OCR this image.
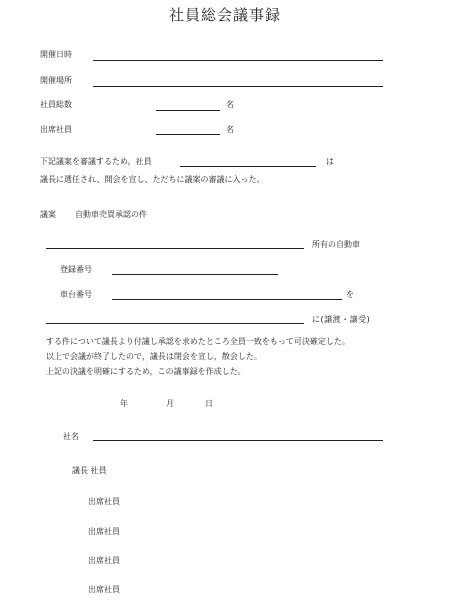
社員総会議事録
開催日時
開催場所
社員総数	名
出席社員	名
下記議案を審議するため，社員	は
議長に選任され、開会を宣し、ただちに議案の審議に入った。
議案 自動車売買承認の件
所有の自動車
登録番号
車台番号	を
に(譲渡・譲受)
する件について議長より付議し承認を求めたところ全員一致をもって可決確定した。
以上で会議が終了したので，議長は閉会を宣し，散会した。
上記の決議を明確にするため，この議事録を作成した。
年	月	日
社名
議長 社員
出席社員
出席社員
出席社員
出席社員
